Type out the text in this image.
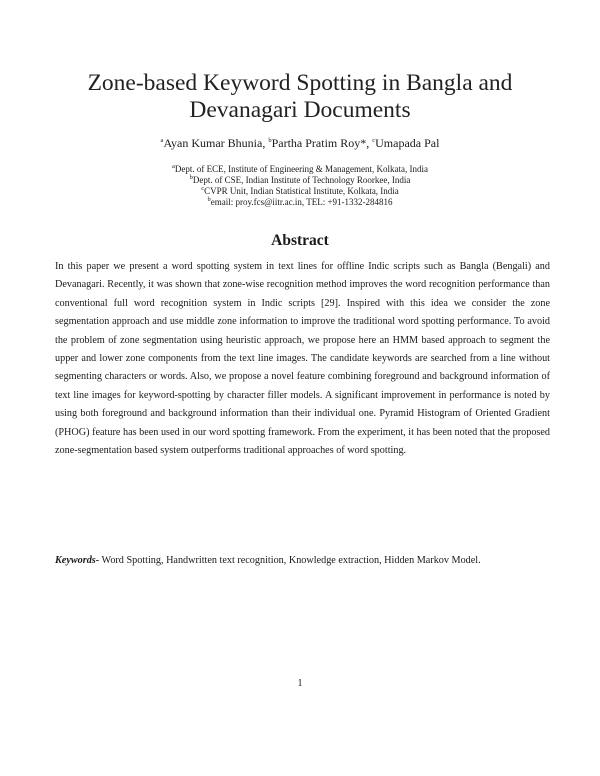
Zone-based Keyword Spotting in Bangla and
Devanagari Documents
$^a$Ayan Kumar Bhunia, $^b$Partha Pratim Roy*, $^c$Umapada Pal
$^a$Dept. of ECE, Institute of Engineering & Management, Kolkata, India
$^b$Dept. of CSE, Indian Institute of Technology Roorkee, India
$^c$CVPR Unit, Indian Statistical Institute, Kolkata, India
$^b$email: proy.fcs@iitr.ac.in, TEL: +91-1332-284816
Abstract
In this paper we present a word spotting system in text lines for offline Indic scripts such as Bangla (Bengali) and Devanagari. Recently, it was shown that zone-wise recognition method improves the word recognition performance than conventional full word recognition system in Indic scripts [29]. Inspired with this idea we consider the zone segmentation approach and use middle zone information to improve the traditional word spotting performance. To avoid the problem of zone segmentation using heuristic approach, we propose here an HMM based approach to segment the upper and lower zone components from the text line images. The candidate keywords are searched from a line without segmenting characters or words. Also, we propose a novel feature combining foreground and background information of text line images for keyword-spotting by character filler models. A significant improvement in performance is noted by using both foreground and background information than their individual one. Pyramid Histogram of Oriented Gradient (PHOG) feature has been used in our word spotting framework. From the experiment, it has been noted that the proposed zone-segmentation based system outperforms traditional approaches of word spotting.
Keywords- Word Spotting, Handwritten text recognition, Knowledge extraction, Hidden Markov Model.
1
